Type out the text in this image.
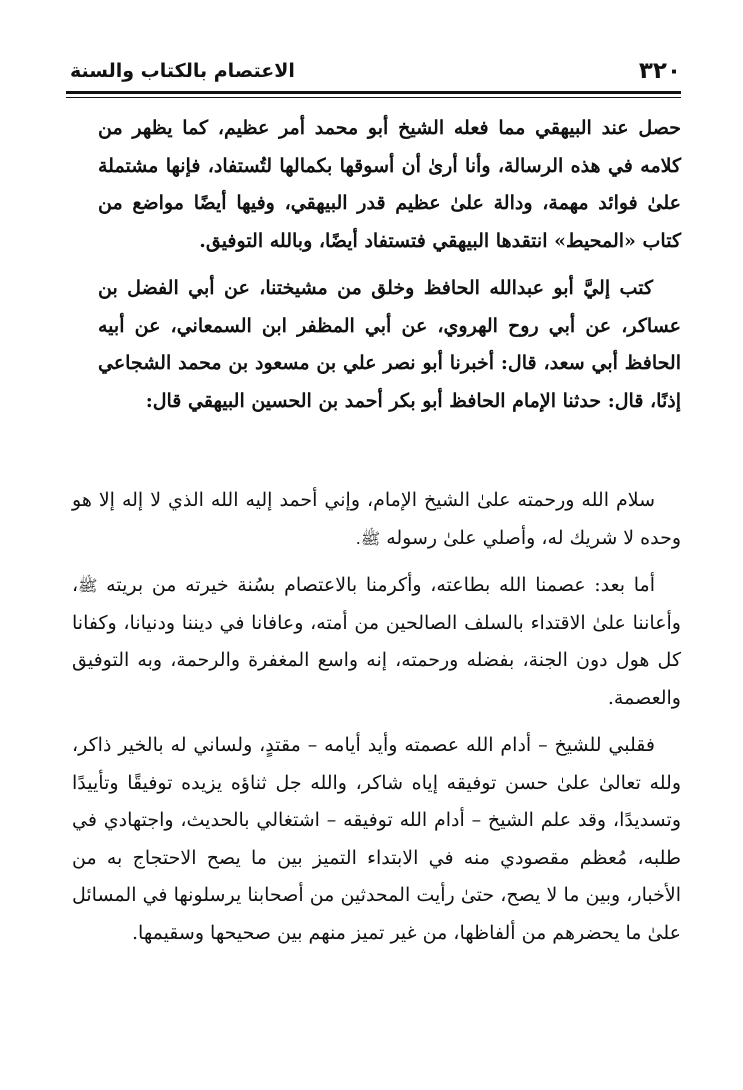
٣٢٠
الاعتصام بالكتاب والسنة

حصل عند البيهقي مما فعله الشيخ أبو محمد أمر عظيم، كما يظهر من كلامه في هذه الرسالة، وأنا أرىٰ أن أسوقها بكمالها لتُستفاد، فإنها مشتملة علىٰ فوائد مهمة، ودالة علىٰ عظيم قدر البيهقي، وفيها أيضًا مواضع من كتاب «المحيط» انتقدها البيهقي فتستفاد أيضًا، وبالله التوفيق.

كتب إليَّ أبو عبدالله الحافظ وخلق من مشيختنا، عن أبي الفضل بن عساكر، عن أبي روح الهروي، عن أبي المظفر ابن السمعاني، عن أبيه الحافظ أبي سعد، قال: أخبرنا أبو نصر علي بن مسعود بن محمد الشجاعي إذنًا، قال: حدثنا الإمام الحافظ أبو بكر أحمد بن الحسين البيهقي قال:

سلام الله ورحمته علىٰ الشيخ الإمام، وإني أحمد إليه الله الذي لا إله إلا هو وحده لا شريك له، وأصلي علىٰ رسوله ﷺ.

أما بعد: عصمنا الله بطاعته، وأكرمنا بالاعتصام بسُنة خيرته من بريته ﷺ، وأعاننا علىٰ الاقتداء بالسلف الصالحين من أمته، وعافانا في ديننا ودنيانا، وكفانا كل هول دون الجنة، بفضله ورحمته، إنه واسع المغفرة والرحمة، وبه التوفيق والعصمة.

فقلبي للشيخ – أدام الله عصمته وأيد أيامه – مقتدٍ، ولساني له بالخير ذاكر، ولله تعالىٰ علىٰ حسن توفيقه إياه شاكر، والله جل ثناؤه يزيده توفيقًا وتأييدًا وتسديدًا، وقد علم الشيخ – أدام الله توفيقه – اشتغالي بالحديث، واجتهادي في طلبه، مُعظم مقصودي منه في الابتداء التميز بين ما يصح الاحتجاج به من الأخبار، وبين ما لا يصح، حتىٰ رأيت المحدثين من أصحابنا يرسلونها في المسائل علىٰ ما يحضرهم من ألفاظها، من غير تميز منهم بين صحيحها وسقيمها.
